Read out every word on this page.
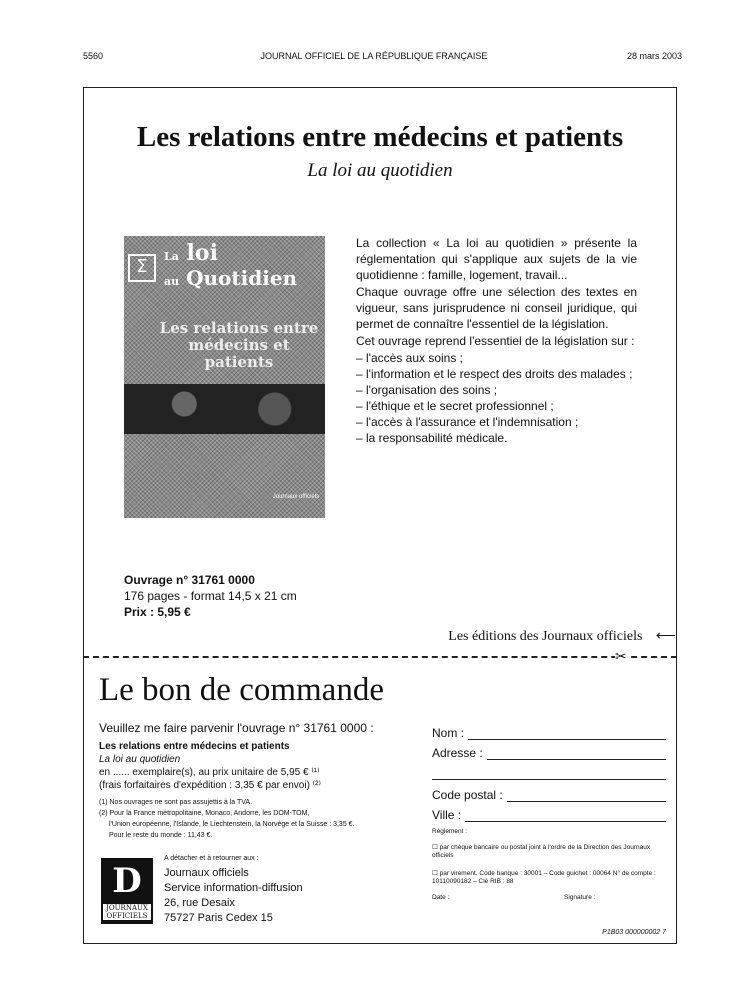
5560	JOURNAL OFFICIEL DE LA RÉPUBLIQUE FRANÇAISE	28 mars 2003
Les relations entre médecins et patients
La loi au quotidien
Σ	La loi
au Quotidien
Les relations entre médecins et patients
Journaux officiels

La collection « La loi au quotidien » présente la réglementation qui s'applique aux sujets de la vie quotidienne : famille, logement, travail...

Chaque ouvrage offre une sélection des textes en vigueur, sans jurisprudence ni conseil juridique, qui permet de connaître l'essentiel de la législation.

Cet ouvrage reprend l'essentiel de la législation sur :

– l'accès aux soins ;
– l'information et le respect des droits des malades ;
– l'organisation des soins ;
– l'éthique et le secret professionnel ;
– l'accès à l'assurance et l'indemnisation ;
– la responsabilité médicale.
Ouvrage n° 31761 0000
176 pages - format 14,5 x 21 cm
Prix : 5,95 €
Les éditions des Journaux officiels ⟵
✂
Le bon de commande
Veuillez me faire parvenir l'ouvrage n° 31761 0000 :
Les relations entre médecins et patients
La loi au quotidien
en ...... exemplaire(s), au prix unitaire de 5,95 € ⁽¹⁾
(frais forfaitaires d'expédition : 3,35 € par envoi) ⁽²⁾
(1) Nos ouvrages ne sont pas assujettis à la TVA.
(2) Pour la France métropolitaine, Monaco, Andorre, les DOM-TOM,
l'Union européenne, l'Islande, le Liechtenstein, la Norvège et la Suisse : 3,35 €.
Pour le reste du monde : 11,43 €.
D
JOURNAUX
OFFICIELS
A détacher et à retourner aux :
Journaux officiels
Service information-diffusion
26, rue Desaix
75727 Paris Cedex 15
Nom :
Adresse :
Code postal :
Ville :
Règlement :
☐ par chèque bancaire ou postal joint à l'ordre de la Direction des Journaux officiels
☐ par virement. Code banque : 30001 – Code guichet : 00064 N° de compte : 10110090182 – Clé RIB : 88
Date :	Signature :
P1B03 000000002 7
